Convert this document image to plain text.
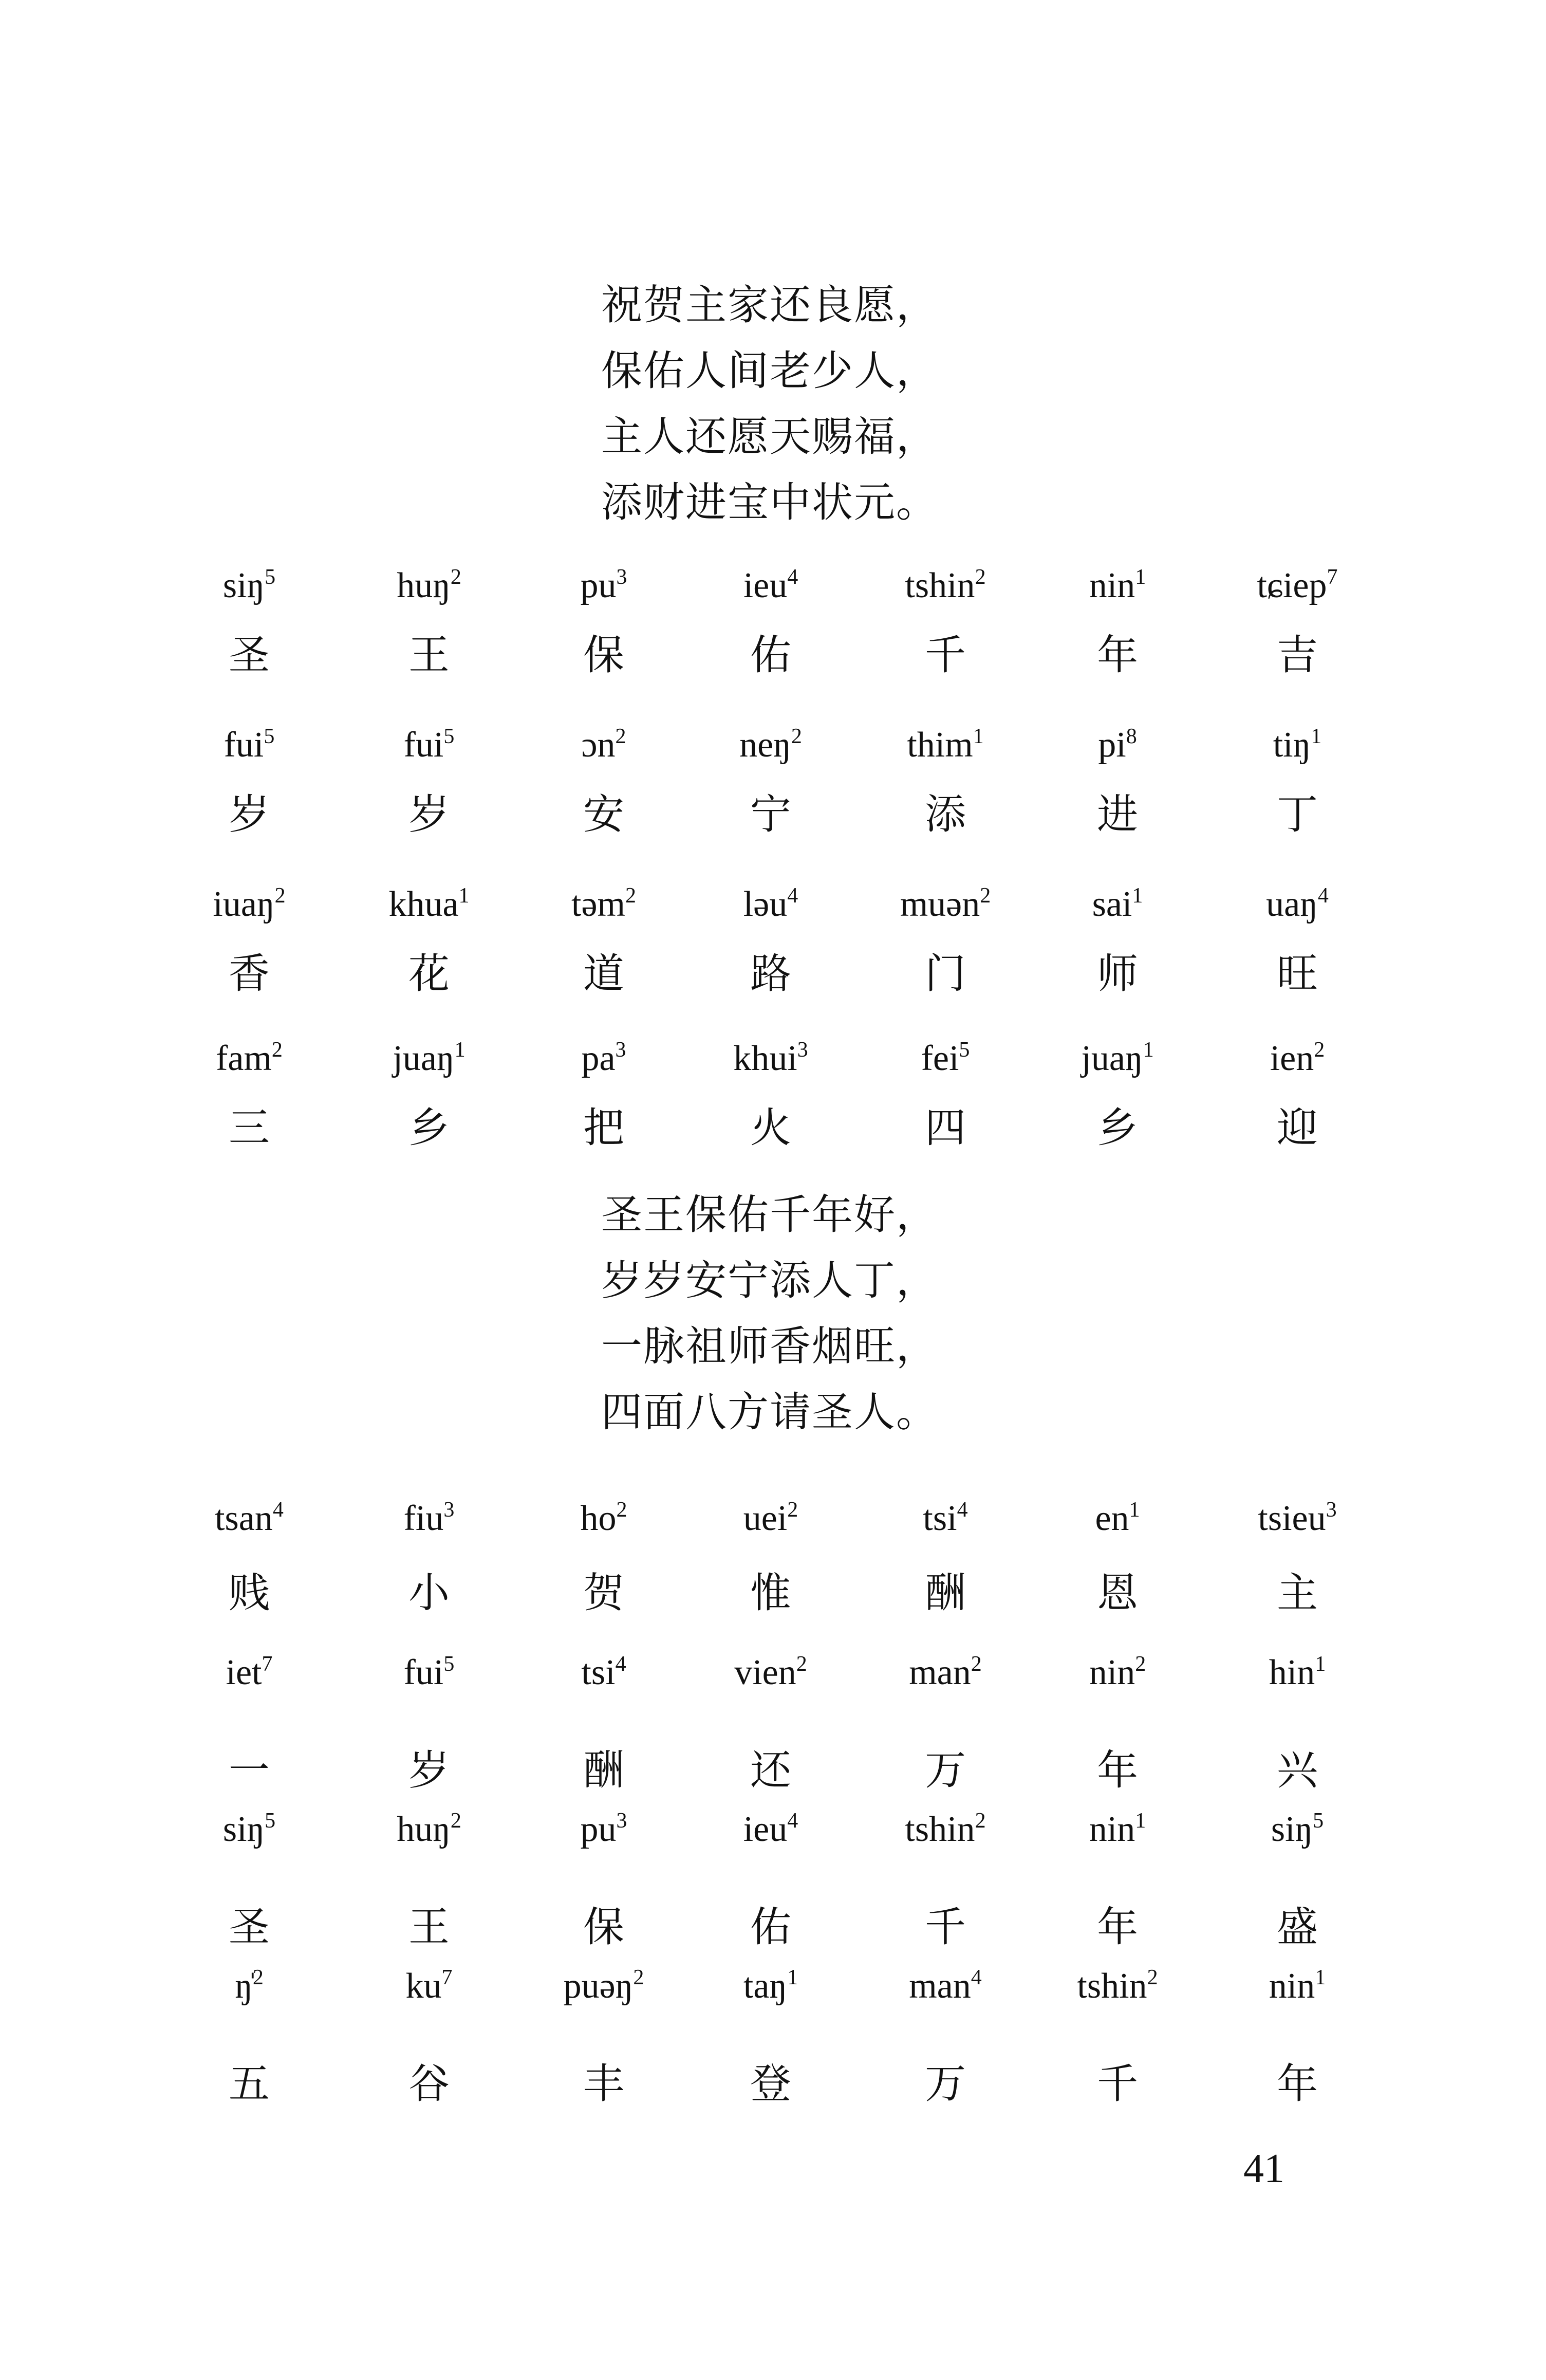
祝贺主家还良愿，
保佑人间老少人，
主人还愿天赐福，
添财进宝中状元。
siŋ$^5$	huŋ$^2$	$pu^3$	ieu$^4$	tshin$^2$	nin$^1$	tɕiep$^7$
圣	王	保	佑	千	年	吉
fui$^5$	fui$^5$	ɔn$^2$	neŋ$^2$	thim$^1$	$pi^8$	tiŋ$^1$
岁	岁	安	宁	添	进	丁
iuaŋ$^2$	khua$^1$	təm$^2$	ləu$^4$	muən$^2$	sai$^1$	uaŋ$^4$
香	花	道	路	门	师	旺
fam$^2$	juaŋ$^1$	$pa^3$	khui$^3$	fei$^5$	juaŋ$^1$	ien$^2$
三	乡	把	火	四	乡	迎
圣王保佑千年好，
岁岁安宁添人丁，
一脉祖师香烟旺，
四面八方请圣人。
tsan$^4$	fiu$^3$	$ho^2$	uei$^2$	tsi$^4$	$en^1$	tsieu$^3$
贱	小	贺	惟	酬	恩	主
iet$^7$	fui$^5$	tsi$^4$	vien$^2$	man$^2$	nin$^2$	hin$^1$
一	岁	酬	还	万	年	兴
siŋ$^5$	huŋ$^2$	$pu^3$	ieu$^4$	tshin$^2$	nin$^1$	siŋ$^5$
圣	王	保	佑	千	年	盛
ŋ̍$^2$	$ku^7$	puəŋ$^2$	taŋ$^1$	man$^4$	tshin$^2$	nin$^1$
五	谷	丰	登	万	千	年
41
